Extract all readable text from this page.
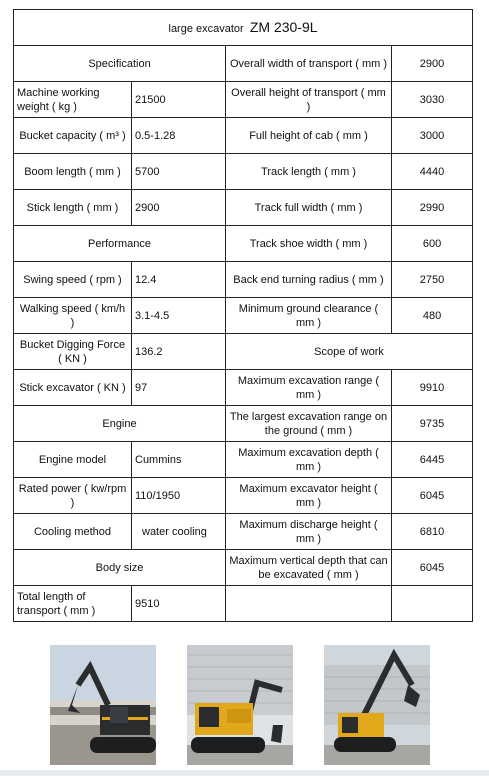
large excavator ZM 230-9L			
Specification		Overall width of transport ( mm )	2900
Machine working weight ( kg )	21500	Overall height of transport ( mm )	3030
Bucket capacity ( m³ )	0.5-1.28	Full height of cab ( mm )	3000
Boom length ( mm )	5700	Track length ( mm )	4440
Stick length ( mm )	2900	Track full width ( mm )	2990
Performance		Track shoe width ( mm )	600
Swing speed ( rpm )	12.4	Back end turning radius ( mm )	2750
Walking speed ( km/h )	3.1-4.5	Minimum ground clearance ( mm )	480
Bucket Digging Force ( KN )	136.2	Scope of work	
Stick excavator ( KN )	97	Maximum excavation range ( mm )	9910
Engine		The largest excavation range on the ground ( mm )	9735
Engine model	Cummins	Maximum excavation depth ( mm )	6445
Rated power ( kw/rpm )	110/1950	Maximum excavator height ( mm )	6045
Cooling method	water cooling	Maximum discharge height ( mm )	6810
Body size		Maximum vertical depth that can be excavated ( mm )	6045
Total length of transport ( mm )	9510		
